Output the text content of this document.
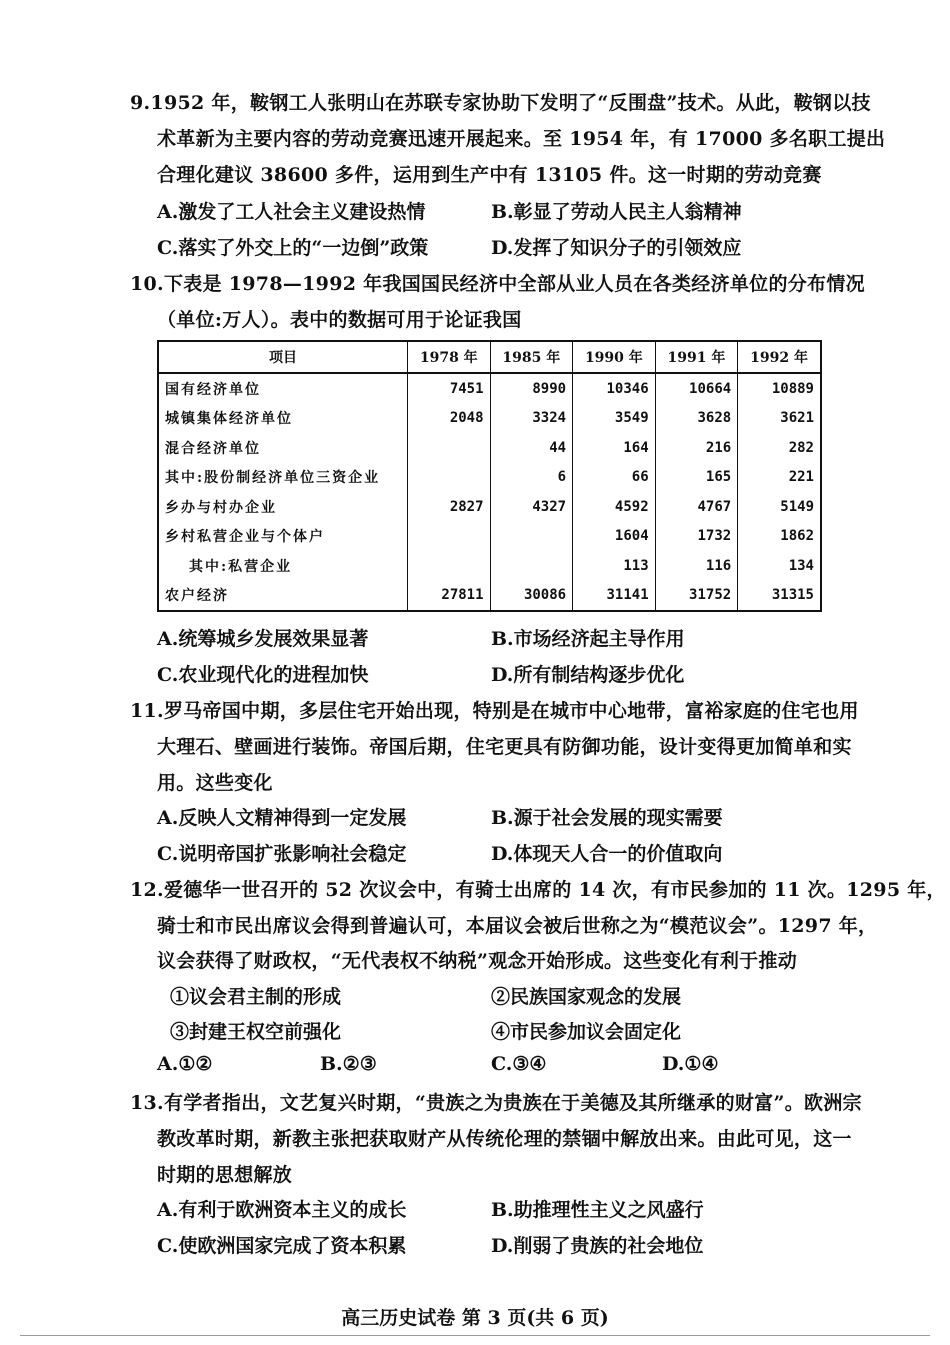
9.1952 年，鞍钢工人张明山在苏联专家协助下发明了“反围盘”技术。从此，鞍钢以技
术革新为主要内容的劳动竞赛迅速开展起来。至 1954 年，有 17000 多名职工提出
合理化建议 38600 多件，运用到生产中有 13105 件。这一时期的劳动竞赛
A.激发了工人社会主义建设热情	B.彰显了劳动人民主人翁精神
C.落实了外交上的“一边倒”政策	D.发挥了知识分子的引领效应
10.下表是 1978—1992 年我国国民经济中全部从业人员在各类经济单位的分布情况
（单位:万人）。表中的数据可用于论证我国
项目	1978 年	1985 年	1990 年	1991 年	1992 年
国有经济单位	7451	8990	10346	10664	10889
城镇集体经济单位	2048	3324	3549	3628	3621
混合经济单位		44	164	216	282
其中:股份制经济单位三资企业		6	66	165	221
乡办与村办企业	2827	4327	4592	4767	5149
乡村私营企业与个体户			1604	1732	1862
其中:私营企业			113	116	134
农户经济	27811	30086	31141	31752	31315
A.统筹城乡发展效果显著	B.市场经济起主导作用
C.农业现代化的进程加快	D.所有制结构逐步优化
11.罗马帝国中期，多层住宅开始出现，特别是在城市中心地带，富裕家庭的住宅也用
大理石、壁画进行装饰。帝国后期，住宅更具有防御功能，设计变得更加简单和实
用。这些变化
A.反映人文精神得到一定发展	B.源于社会发展的现实需要
C.说明帝国扩张影响社会稳定	D.体现天人合一的价值取向
12.爱德华一世召开的 52 次议会中，有骑士出席的 14 次，有市民参加的 11 次。1295 年，
骑士和市民出席议会得到普遍认可，本届议会被后世称之为“模范议会”。1297 年，
议会获得了财政权，“无代表权不纳税”观念开始形成。这些变化有利于推动
①议会君主制的形成	②民族国家观念的发展
③封建王权空前强化	④市民参加议会固定化
A.①②	B.②③	C.③④	D.①④
13.有学者指出，文艺复兴时期，“贵族之为贵族在于美德及其所继承的财富”。欧洲宗
教改革时期，新教主张把获取财产从传统伦理的禁锢中解放出来。由此可见，这一
时期的思想解放
A.有利于欧洲资本主义的成长	B.助推理性主义之风盛行
C.使欧洲国家完成了资本积累	D.削弱了贵族的社会地位
高三历史试卷 第 3 页(共 6 页)
